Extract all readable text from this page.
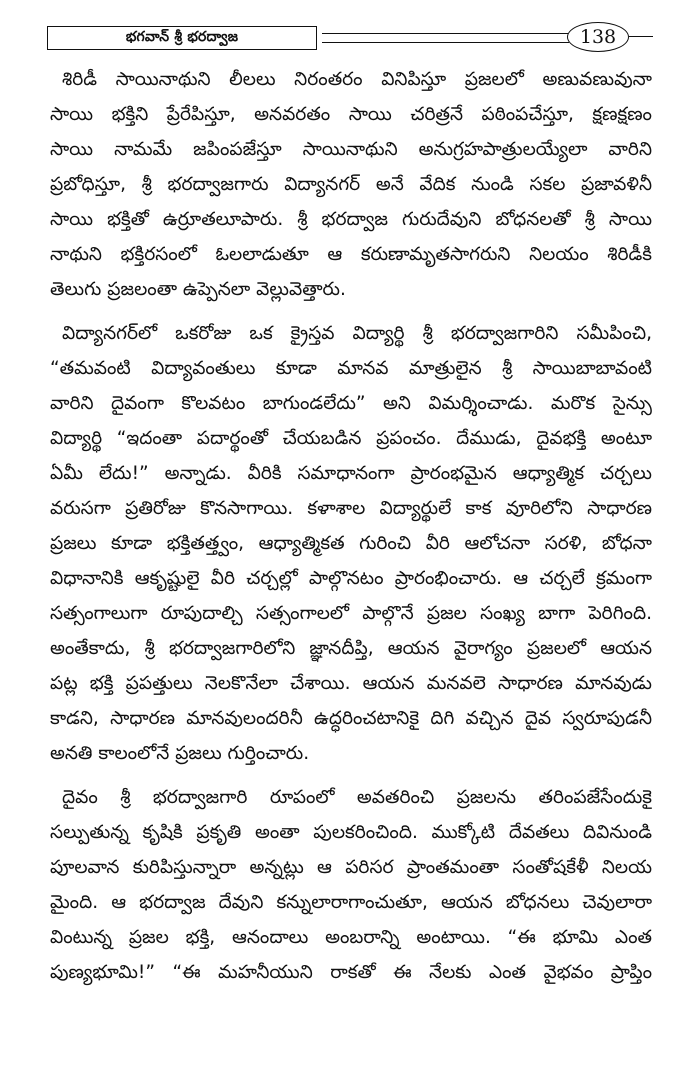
భగవాన్ శ్రీ భరద్వాజ	138
శిరిడీ సాయినాథుని లీలలు నిరంతరం వినిపిస్తూ ప్రజలలో అణువణువునా
సాయి భక్తిని ప్రేరేపిస్తూ, అనవరతం సాయి చరిత్రనే పఠింపచేస్తూ, క్షణక్షణం
సాయి నామమే జపింపజేస్తూ సాయినాథుని అనుగ్రహపాత్రులయ్యేలా వారిని
ప్రబోధిస్తూ, శ్రీ భరద్వాజగారు విద్యానగర్ అనే వేదిక నుండి సకల ప్రజావళినీ
సాయి భక్తితో ఉర్రూతలూపారు. శ్రీ భరద్వాజ గురుదేవుని బోధనలతో శ్రీ సాయి
నాథుని భక్తిరసంలో ఓలలాడుతూ ఆ కరుణామృతసాగరుని నిలయం శిరిడీకి
తెలుగు ప్రజలంతా ఉప్పెనలా వెల్లువెత్తారు.
విద్యానగర్‌లో ఒకరోజు ఒక క్రైస్తవ విద్యార్థి శ్రీ భరద్వాజగారిని సమీపించి,
“తమవంటి విద్యావంతులు కూడా మానవ మాత్రులైన శ్రీ సాయిబాబావంటి
వారిని దైవంగా కొలవటం బాగుండలేదు” అని విమర్శించాడు. మరొక సైన్సు
విద్యార్థి “ఇదంతా పదార్థంతో చేయబడిన ప్రపంచం. దేముడు, దైవభక్తి అంటూ
ఏమీ లేదు!” అన్నాడు. వీరికి సమాధానంగా ప్రారంభమైన ఆధ్యాత్మిక చర్చలు
వరుసగా ప్రతిరోజు కొనసాగాయి. కళాశాల విద్యార్థులే కాక వూరిలోని సాధారణ
ప్రజలు కూడా భక్తితత్త్వం, ఆధ్యాత్మికత గురించి వీరి ఆలోచనా సరళి, బోధనా
విధానానికి ఆకృష్టులై వీరి చర్చల్లో పాల్గొనటం ప్రారంభించారు. ఆ చర్చలే క్రమంగా
సత్సంగాలుగా రూపుదాల్చి సత్సంగాలలో పాల్గొనే ప్రజల సంఖ్య బాగా పెరిగింది.
అంతేకాదు, శ్రీ భరద్వాజగారిలోని జ్ఞానదీప్తి, ఆయన వైరాగ్యం ప్రజలలో ఆయన
పట్ల భక్తి ప్రపత్తులు నెలకొనేలా చేశాయి. ఆయన మనవలె సాధారణ మానవుడు
కాడని, సాధారణ మానవులందరినీ ఉద్ధరించటానికై దిగి వచ్చిన దైవ స్వరూపుడనీ
అనతి కాలంలోనే ప్రజలు గుర్తించారు.
దైవం శ్రీ భరద్వాజగారి రూపంలో అవతరించి ప్రజలను తరింపజేసేందుకై
సల్పుతున్న కృషికి ప్రకృతి అంతా పులకరించింది. ముక్కోటి దేవతలు దివినుండి
పూలవాన కురిపిస్తున్నారా అన్నట్లు ఆ పరిసర ప్రాంతమంతా సంతోషకేళీ నిలయ
మైంది. ఆ భరద్వాజ దేవుని కన్నులారాగాంచుతూ, ఆయన బోధనలు చెవులారా
వింటున్న ప్రజల భక్తి, ఆనందాలు అంబరాన్ని అంటాయి. “ఈ భూమి ఎంత
పుణ్యభూమి!” “ఈ మహనీయుని రాకతో ఈ నేలకు ఎంత వైభవం ప్రాప్తిం
